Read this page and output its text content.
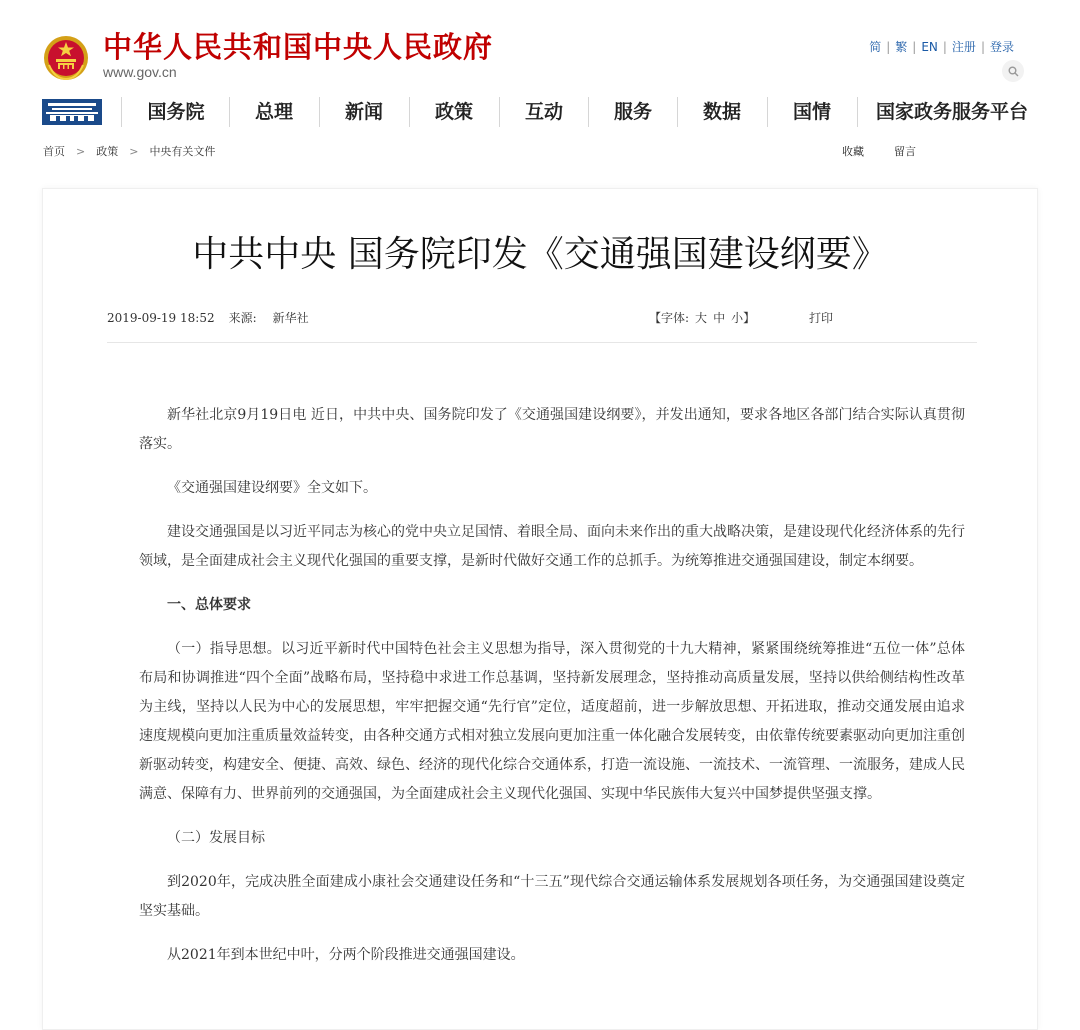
中华人民共和国中央人民政府
www.gov.cn
简 | 繁 | EN | 注册 | 登录
国务院	总理	新闻	政策	互动	服务	数据	国情	国家政务服务平台
首页 > 政策 > 中央有关文件	收藏	留言
中共中央 国务院印发《交通强国建设纲要》
2019-09-19 18:52 来源: 新华社	【字体: 大 中 小】	打印

新华社北京9月19日电 近日，中共中央、国务院印发了《交通强国建设纲要》，并发出通知，要求各地区各部门结合实际认真贯彻落实。

《交通强国建设纲要》全文如下。

建设交通强国是以习近平同志为核心的党中央立足国情、着眼全局、面向未来作出的重大战略决策，是建设现代化经济体系的先行领域，是全面建成社会主义现代化强国的重要支撑，是新时代做好交通工作的总抓手。为统筹推进交通强国建设，制定本纲要。

一、总体要求

（一）指导思想。以习近平新时代中国特色社会主义思想为指导，深入贯彻党的十九大精神，紧紧围绕统筹推进“五位一体”总体布局和协调推进“四个全面”战略布局，坚持稳中求进工作总基调，坚持新发展理念，坚持推动高质量发展，坚持以供给侧结构性改革为主线，坚持以人民为中心的发展思想，牢牢把握交通“先行官”定位，适度超前，进一步解放思想、开拓进取，推动交通发展由追求速度规模向更加注重质量效益转变，由各种交通方式相对独立发展向更加注重一体化融合发展转变，由依靠传统要素驱动向更加注重创新驱动转变，构建安全、便捷、高效、绿色、经济的现代化综合交通体系，打造一流设施、一流技术、一流管理、一流服务，建成人民满意、保障有力、世界前列的交通强国，为全面建成社会主义现代化强国、实现中华民族伟大复兴中国梦提供坚强支撑。

（二）发展目标

到2020年，完成决胜全面建成小康社会交通建设任务和“十三五”现代综合交通运输体系发展规划各项任务，为交通强国建设奠定坚实基础。

从2021年到本世纪中叶，分两个阶段推进交通强国建设。
